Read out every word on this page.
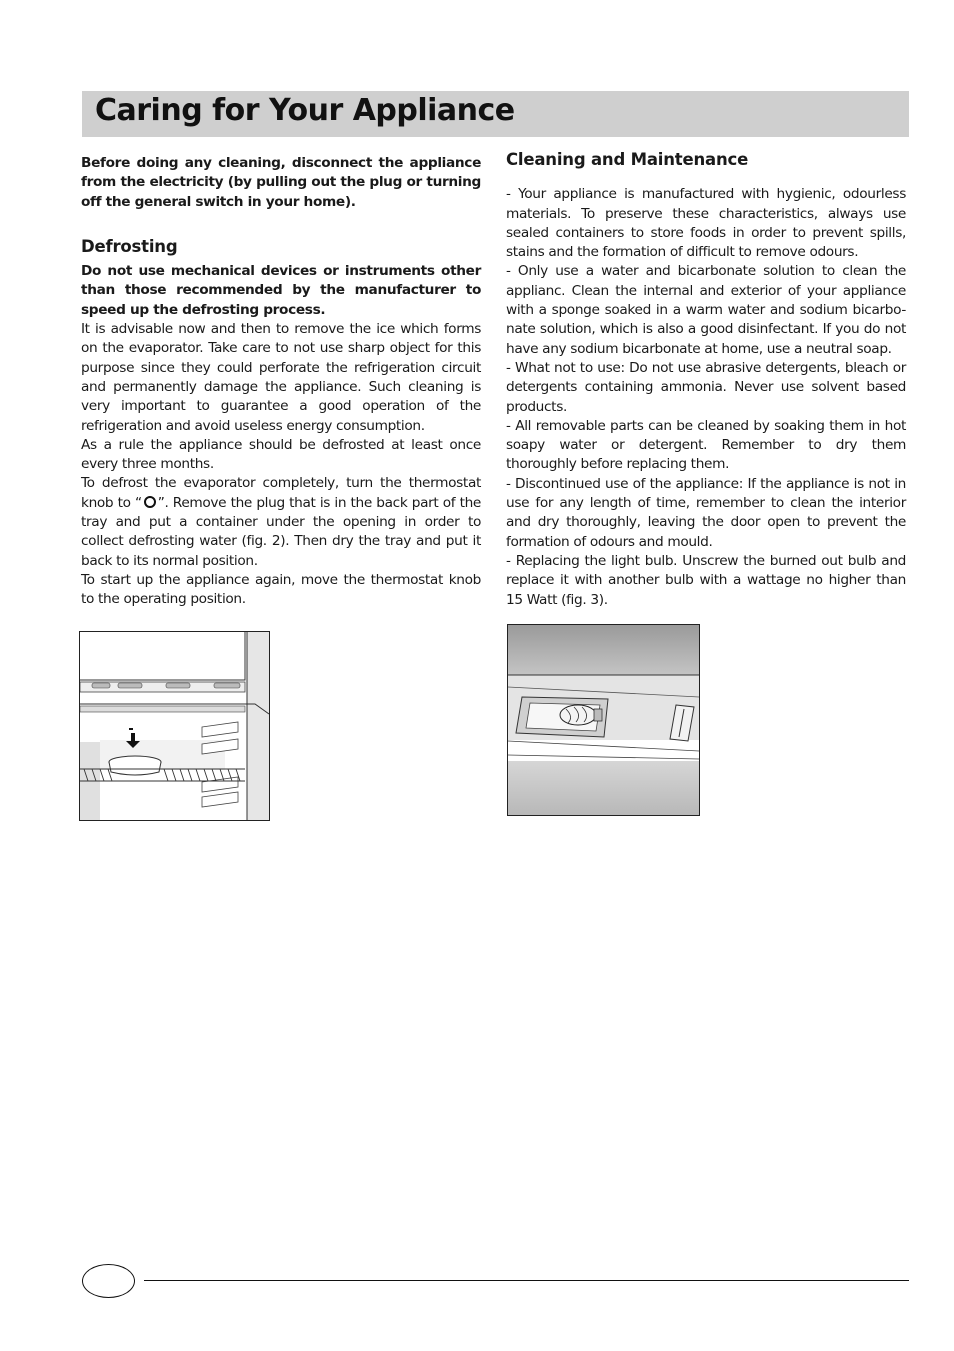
Caring for Your Appliance

Before doing any cleaning, disconnect the appliance from the electricity (by pulling out the plug or turning off the general switch in your home).

Defrosting

Do not use mechanical devices or instruments other than those recommended by the manufacturer to speed up the defrosting process.

It is advisable now and then to remove the ice which forms on the evaporator. Take care to not use sharp object for this purpose since they could perforate the refrigeration circuit and permanently damage the appliance. Such cleaning is very important to guarantee a good operation of the refrigeration and avoid useless energy consumption.

As a rule the appliance should be defrosted at least once every three months.

To defrost the evaporator completely, turn the thermostat knob to “ ”. Remove the plug that is in the back part of the tray and put a container under the opening in order to collect defrosting water (fig. 2). Then dry the tray and put it back to its normal position.

To start up the appliance again, move the thermostat knob to the operating position.

Cleaning and Maintenance

- Your appliance is manufactured with hygienic, odourless materials. To preserve these characteristics, always use sealed containers to store foods in order to prevent spills, stains and the formation of difficult to remove odours.

- Only use a water and bicarbonate solution to clean the applianc. Clean the internal and exterior of your appliance with a sponge soaked in a warm water and sodium bicarbo-nate solution, which is also a good disinfectant. If you do not have any sodium bicarbonate at home, use a neutral soap.

- What not to use: Do not use abrasive detergents, bleach or detergents containing ammonia. Never use solvent based products.

- All removable parts can be cleaned by soaking them in hot soapy water or detergent. Remember to dry them thoroughly before replacing them.

- Discontinued use of the appliance: If the appliance is not in use for any length of time, remember to clean the interior and dry thoroughly, leaving the door open to prevent the formation of odours and mould.

- Replacing the light bulb. Unscrew the burned out bulb and replace it with another bulb with a wattage no higher than 15 Watt (fig. 3).
